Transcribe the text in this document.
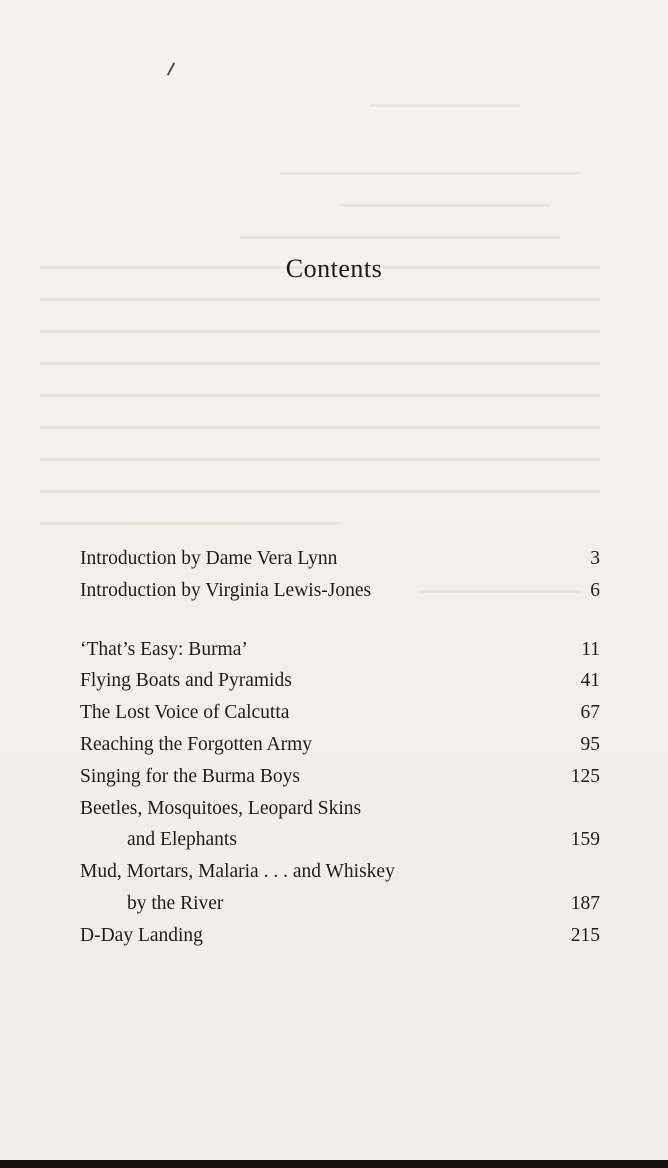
Contents
Introduction by Dame Vera Lynn	3
Introduction by Virginia Lewis-Jones	6
‘That’s Easy: Burma’	11
Flying Boats and Pyramids	41
The Lost Voice of Calcutta	67
Reaching the Forgotten Army	95
Singing for the Burma Boys	125
Beetles, Mosquitoes, Leopard Skins
and Elephants	159
Mud, Mortars, Malaria . . . and Whiskey
by the River	187
D-Day Landing	215
